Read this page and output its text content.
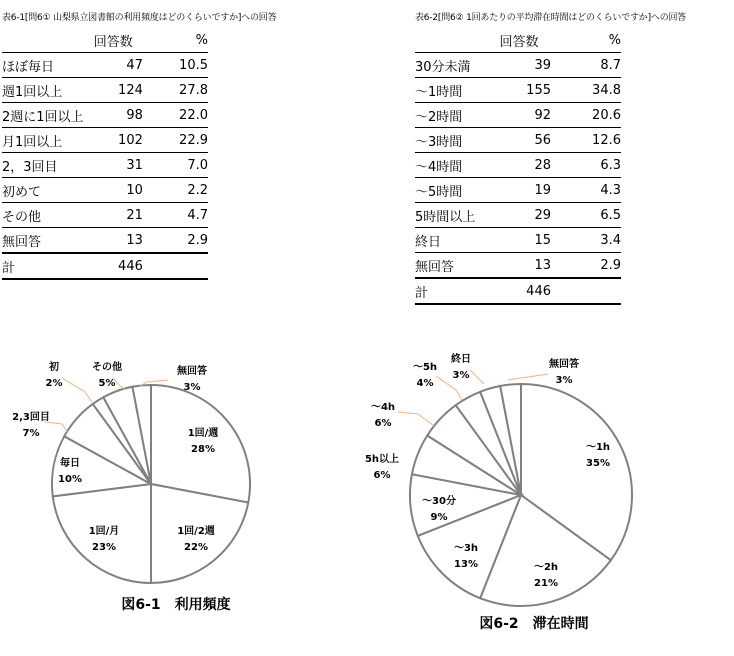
表6-1[問6① 山梨県立図書館の利用頻度はどのくらいですか]への回答
	回答数	%
ほぼ毎日	47	10.5
週1回以上	124	27.8
2週に1回以上	98	22.0
月1回以上	102	22.9
2，3回目	31	7.0
初めて	10	2.2
その他	21	4.7
無回答	13	2.9
計	446	
表6-2[問6② 1回あたりの平均滞在時間はどのくらいですか]への回答
	回答数	%
30分未満	39	8.7
～1時間	155	34.8
～2時間	92	20.6
～3時間	56	12.6
～4時間	28	6.3
～5時間	19	4.3
5時間以上	29	6.5
終日	15	3.4
無回答	13	2.9
計	446	
1回/週
28%
1回/2週
22%
1回/月
23%
毎日
10%
2,3回目
7%
初
2%
その他
5%
無回答
3%
～1h
35%
～2h
21%
～3h
13%
～30分
9%
5h以上
6%
～4h
6%
～5h
4%
終日
3%
無回答
3%
図6-1　利用頻度
図6-2　滞在時間
